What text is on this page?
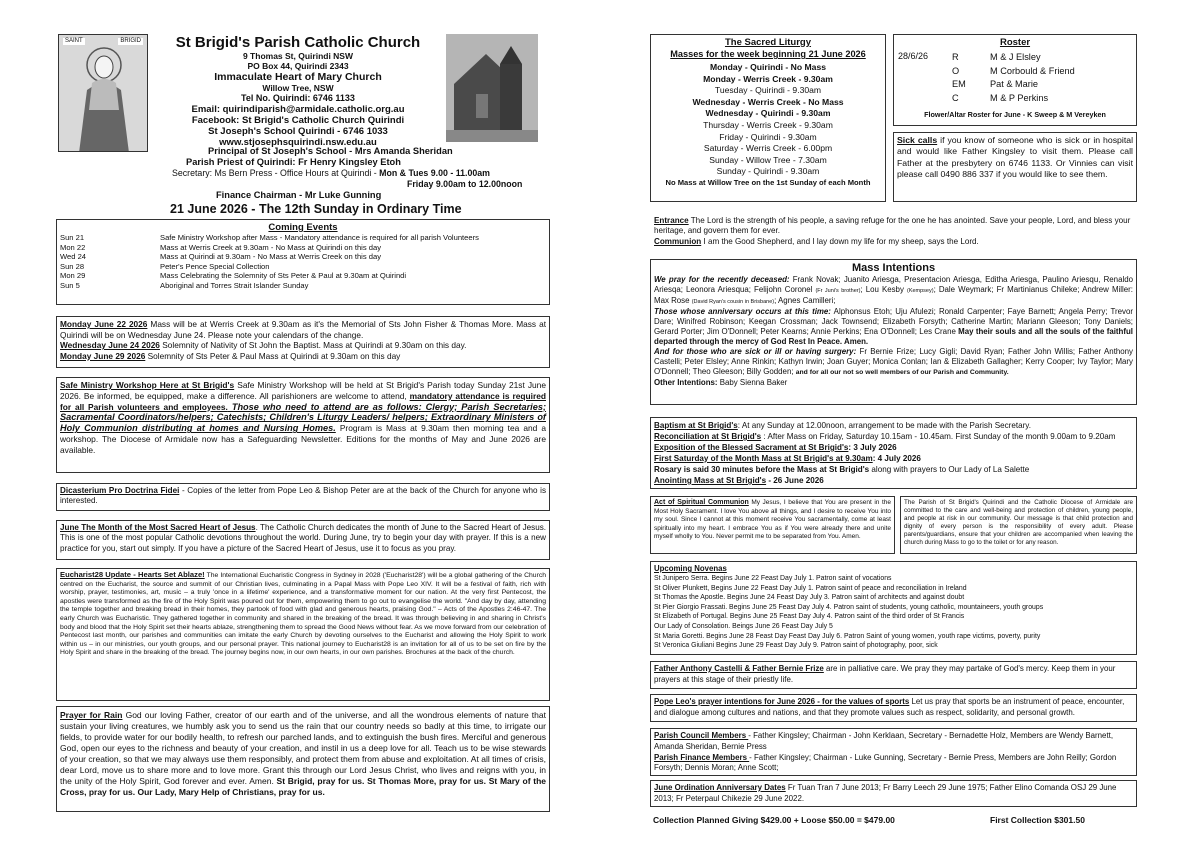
SAINT	BRIGID	St Brigid's Parish Catholic Church
9 Thomas St, Quirindi NSW
PO Box 44, Quirindi 2343
Immaculate Heart of Mary Church
Willow Tree, NSW
Tel No. Quirindi: 6746 1133
Email: quirindiparish@armidale.catholic.org.au
Facebook: St Brigid's Catholic Church Quirindi
St Joseph's School Quirindi - 6746 1033
www.stjosephsquirindi.nsw.edu.au
Principal of St Joseph's School - Mrs Amanda Sheridan
Parish Priest of Quirindi: Fr Henry Kingsley Etoh
Secretary: Ms Bern Press - Office Hours at Quirindi - Mon & Tues 9.00 - 11.00am
Friday 9.00am to 12.00noon
Finance Chairman - Mr Luke Gunning
21 June 2026 - The 12th Sunday in Ordinary Time
Coming Events
Sun 21	Safe Ministry Workshop after Mass - Mandatory attendance is required for all parish Volunteers
Mon 22	Mass at Werris Creek at 9.30am - No Mass at Quirindi on this day
Wed 24	Mass at Quirindi at 9.30am - No Mass at Werris Creek on this day
Sun 28	Peter's Pence Special Collection
Mon 29	Mass Celebrating the Solemnity of Sts Peter & Paul at 9.30am at Quirindi
Sun 5	Aboriginal and Torres Strait Islander Sunday
Monday June 22 2026 Mass will be at Werris Creek at 9.30am as it's the Memorial of Sts John Fisher & Thomas More. Mass at Quirindi will be on Wednesday June 24. Please note your calendars of the change.
Wednesday June 24 2026 Solemnity of Nativity of St John the Baptist. Mass at Quirindi at 9.30am on this day.
Monday June 29 2026 Solemnity of Sts Peter & Paul Mass at Quirindi at 9.30am on this day
Safe Ministry Workshop Here at St Brigid's Safe Ministry Workshop will be held at St Brigid's Parish today Sunday 21st June 2026. Be informed, be equipped, make a difference. All parishioners are welcome to attend, mandatory attendance is required for all Parish volunteers and employees. Those who need to attend are as follows: Clergy; Parish Secretaries; Sacramental Coordinators/helpers; Catechists; Children's Liturgy Leaders/ helpers; Extraordinary Ministers of Holy Communion distributing at homes and Nursing Homes. Program is Mass at 9.30am then morning tea and a workshop. The Diocese of Armidale now has a Safeguarding Newsletter. Editions for the months of May and June 2026 are available.
Dicasterium Pro Doctrina Fidei - Copies of the letter from Pope Leo & Bishop Peter are at the back of the Church for anyone who is interested.
June The Month of the Most Sacred Heart of Jesus. The Catholic Church dedicates the month of June to the Sacred Heart of Jesus. This is one of the most popular Catholic devotions throughout the world. During June, try to begin your day with prayer. If this is a new practice for you, start out simply. If you have a picture of the Sacred Heart of Jesus, use it to focus as you pray.
Eucharist28 Update - Hearts Set Ablaze! The International Eucharistic Congress in Sydney in 2028 ('Eucharist28') will be a global gathering of the Church centred on the Eucharist, the source and summit of our Christian lives, culminating in a Papal Mass with Pope Leo XIV. It will be a festival of faith, rich with worship, prayer, testimonies, art, music – a truly 'once in a lifetime' experience, and a transformative moment for our nation. At the very first Pentecost, the apostles were transformed as the fire of the Holy Spirit was poured out for them, empowering them to go out to evangelise the world. "And day by day, attending the temple together and breaking bread in their homes, they partook of food with glad and generous hearts, praising God." – Acts of the Apostles 2:46-47. The early Church was Eucharistic. They gathered together in community and shared in the breaking of the bread. It was through believing in and sharing in Christ's body and blood that the Holy Spirit set their hearts ablaze, strengthening them to spread the Good News without fear. As we move forward from our celebration of Pentecost last month, our parishes and communities can imitate the early Church by devoting ourselves to the Eucharist and allowing the Holy Spirit to work within us – in our ministries, our youth groups, and our personal prayer. This national journey to Eucharist28 is an invitation for all of us to be set on fire by the Holy Spirit and share in the breaking of the bread. The journey begins now, in our own hearts, in our own parishes. Brochures at the back of the church.
Prayer for Rain God our loving Father, creator of our earth and of the universe, and all the wondrous elements of nature that sustain your living creatures, we humbly ask you to send us the rain that our country needs so badly at this time, to irrigate our fields, to provide water for our bodily health, to refresh our parched lands, and to extinguish the bush fires. Merciful and generous God, open our eyes to the richness and beauty of your creation, and instil in us a deep love for all. Teach us to be wise stewards of your creation, so that we may always use them responsibly, and protect them from abuse and exploitation. At all times of crisis, dear Lord, move us to share more and to love more. Grant this through our Lord Jesus Christ, who lives and reigns with you, in the unity of the Holy Spirit, God forever and ever. Amen. St Brigid, pray for us. St Thomas More, pray for us. St Mary of the Cross, pray for us. Our Lady, Mary Help of Christians, pray for us.
The Sacred Liturgy
Masses for the week beginning 21 June 2026
Monday - Quirindi - No Mass
Monday - Werris Creek - 9.30am
Tuesday - Quirindi - 9.30am
Wednesday - Werris Creek - No Mass
Wednesday - Quirindi - 9.30am
Thursday - Werris Creek - 9.30am
Friday - Quirindi - 9.30am
Saturday - Werris Creek - 6.00pm
Sunday - Willow Tree - 7.30am
Sunday - Quirindi - 9.30am
No Mass at Willow Tree on the 1st Sunday of each Month
Roster
28/6/26	R	M & J Elsley
O	M Corbould & Friend
EM	Pat & Marie
C	M & P Perkins
Flower/Altar Roster for June - K Sweep & M Vereyken
Sick calls if you know of someone who is sick or in hospital and would like Father Kingsley to visit them. Please call Father at the presbytery on 6746 1133. Or Vinnies can visit please call 0490 886 337 if you would like to see them.
Entrance The Lord is the strength of his people, a saving refuge for the one he has anointed. Save your people, Lord, and bless your heritage, and govern them for ever.
Communion I am the Good Shepherd, and I lay down my life for my sheep, says the Lord.
Mass Intentions
We pray for the recently deceased: Frank Novak; Juanito Ariesga, Presentacion Ariesga, Editha Ariesga, Paulino Ariesqu, Renaldo Ariesqa; Leonora Ariesqua; Felijohn Coronel (Fr Juni's brother); Lou Kesby (Kempsey); Dale Weymark; Fr Martinianus Chileke; Andrew Miller: Max Rose (David Ryan's cousin in Brisbane); Agnes Camilleri;
Those whose anniversary occurs at this time: Alphonsus Etoh; Uju Afulezi; Ronald Carpenter; Faye Barnett; Angela Perry; Trevor Dare; Winifred Robinson; Keegan Crossman; Jack Townsend; Elizabeth Forsyth; Catherine Martin; Mariann Gleeson; Tony Daniels; Gerard Porter; Jim O'Donnell; Peter Kearns; Annie Perkins; Ena O'Donnell; Les Crane May their souls and all the souls of the faithful departed through the mercy of God Rest In Peace. Amen.
And for those who are sick or ill or having surgery: Fr Bernie Frize; Lucy Gigli; David Ryan; Father John Willis; Father Anthony Castelli; Peter Elsley; Anne Rinkin; Kathyn Irwin; Joan Guyer; Monica Conlan; Ian & Elizabeth Gallagher; Kerry Cooper; Ivy Taylor; Mary O'Donnell; Theo Gleeson; Billy Godden; and for all our not so well members of our Parish and Community.
Other Intentions: Baby Sienna Baker
Baptism at St Brigid's: At any Sunday at 12.00noon, arrangement to be made with the Parish Secretary.
Reconciliation at St Brigid's : After Mass on Friday, Saturday 10.15am - 10.45am. First Sunday of the month 9.00am to 9.20am
Exposition of the Blessed Sacrament at St Brigid's: 3 July 2026
First Saturday of the Month Mass at St Brigid's at 9.30am: 4 July 2026
Rosary is said 30 minutes before the Mass at St Brigid's along with prayers to Our Lady of La Salette
Anointing Mass at St Brigid's - 26 June 2026
Act of Spiritual Communion My Jesus, I believe that You are present in the Most Holy Sacrament. I love You above all things, and I desire to receive You into my soul. Since I cannot at this moment receive You sacramentally, come at least spiritually into my heart. I embrace You as if You were already there and unite myself wholly to You. Never permit me to be separated from You. Amen.
The Parish of St Brigid's Quirindi and the Catholic Diocese of Armidale are committed to the care and well-being and protection of children, young people, and people at risk in our community. Our message is that child protection and dignity of every person is the responsibility of every adult. Please parents/guardians, ensure that your children are accompanied when leaving the church during Mass to go to the toilet or for any reason.
Upcoming Novenas
St Junipero Serra. Begins June 22 Feast Day July 1. Patron saint of vocations
St Oliver Plunkett, Begins June 22 Feast Day July 1. Patron saint of peace and reconciliation in Ireland
St Thomas the Apostle. Begins June 24 Feast Day July 3. Patron saint of architects and against doubt
St Pier Giorgio Frassati. Begins June 25 Feast Day July 4. Patron saint of students, young catholic, mountaineers, youth groups
St Elizabeth of Portugal. Begins June 25 Feast Day July 4. Patron saint of the third order of St Francis
Our Lady of Consolation. Beings June 26 Feast Day July 5
St Maria Goretti. Begins June 28 Feast Day Feast Day July 6. Patron Saint of young women, youth rape victims, poverty, purity
St Veronica Giuliani Begins June 29 Feast Day July 9. Patron saint of photography, poor, sick
Father Anthony Castelli & Father Bernie Frize are in palliative care. We pray they may partake of God's mercy. Keep them in your prayers at this stage of their priestly life.
Pope Leo's prayer intentions for June 2026 - for the values of sports Let us pray that sports be an instrument of peace, encounter, and dialogue among cultures and nations, and that they promote values such as respect, solidarity, and personal growth.
Parish Council Members - Father Kingsley; Chairman - John Kerklaan, Secretary - Bernadette Holz, Members are Wendy Barnett, Amanda Sheridan, Bernie Press
Parish Finance Members - Father Kingsley; Chairman - Luke Gunning, Secretary - Bernie Press, Members are John Reilly; Gordon Forsyth; Dennis Moran; Anne Scott;
June Ordination Anniversary Dates Fr Tuan Tran 7 June 2013; Fr Barry Leech 29 June 1975; Father Elino Comanda OSJ 29 June 2013; Fr Peterpaul Chikezie 29 June 2022.
Collection Planned Giving $429.00 + Loose $50.00 = $479.00	First Collection $301.50
